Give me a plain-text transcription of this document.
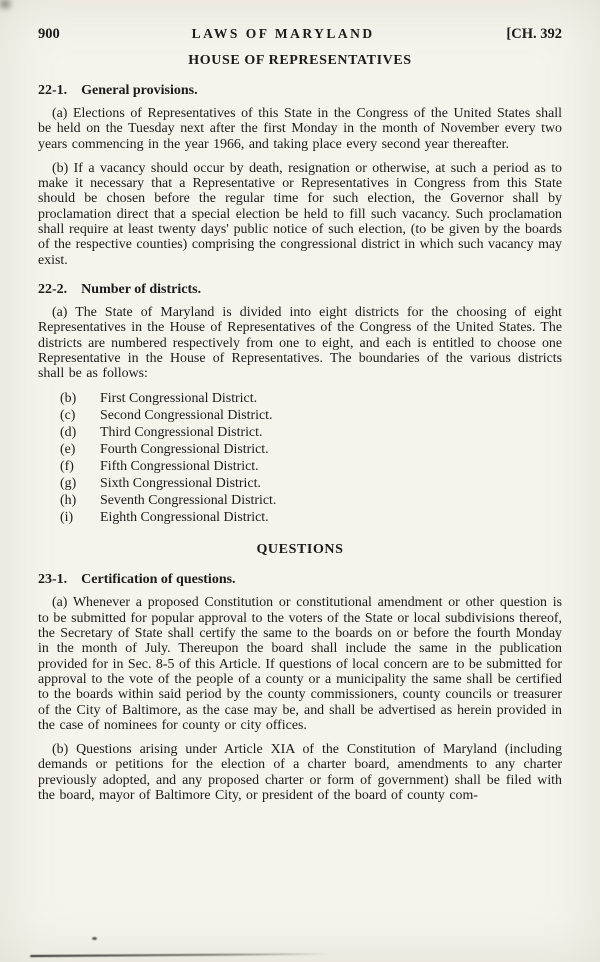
900	LAWS OF MARYLAND	[CH. 392
HOUSE OF REPRESENTATIVES
22-1. General provisions.

(a) Elections of Representatives of this State in the Congress of the United States shall be held on the Tuesday next after the first Monday in the month of November every two years commencing in the year 1966, and taking place every second year thereafter.

(b) If a vacancy should occur by death, resignation or otherwise, at such a period as to make it necessary that a Representative or Representatives in Congress from this State should be chosen before the regular time for such election, the Governor shall by proclamation direct that a special election be held to fill such vacancy. Such proclamation shall require at least twenty days' public notice of such election, (to be given by the boards of the respective counties) comprising the congressional district in which such vacancy may exist.

22-2. Number of districts.

(a) The State of Maryland is divided into eight districts for the choosing of eight Representatives in the House of Representatives of the Congress of the United States. The districts are numbered respectively from one to eight, and each is entitled to choose one Representative in the House of Representatives. The boundaries of the various districts shall be as follows:

(b)	First Congressional District.
(c)	Second Congressional District.
(d)	Third Congressional District.
(e)	Fourth Congressional District.
(f)	Fifth Congressional District.
(g)	Sixth Congressional District.
(h)	Seventh Congressional District.
(i)	Eighth Congressional District.
QUESTIONS
23-1. Certification of questions.

(a) Whenever a proposed Constitution or constitutional amendment or other question is to be submitted for popular approval to the voters of the State or local subdivisions thereof, the Secretary of State shall certify the same to the boards on or before the fourth Monday in the month of July. Thereupon the board shall include the same in the publication provided for in Sec. 8-5 of this Article. If questions of local concern are to be submitted for approval to the vote of the people of a county or a municipality the same shall be certified to the boards within said period by the county commissioners, county councils or treasurer of the City of Baltimore, as the case may be, and shall be advertised as herein provided in the case of nominees for county or city offices.

(b) Questions arising under Article XIA of the Constitution of Maryland (including demands or petitions for the election of a charter board, amendments to any charter previously adopted, and any proposed charter or form of government) shall be filed with the board, mayor of Baltimore City, or president of the board of county com-
